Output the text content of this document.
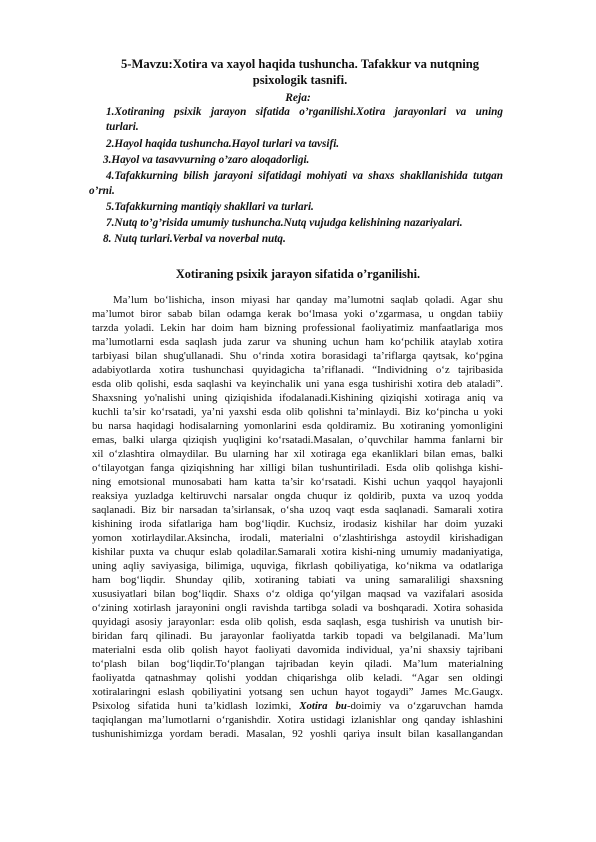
5-Mavzu:Xotira va xayol haqida tushuncha. Tafakkur va nutqning
psixologik tasnifi.
Reja:
1.Xotiraning psixik jarayon sifatida o’rganilishi.Xotira jarayonlari va uning
turlari.
2.Hayol haqida tushuncha.Hayol turlari va tavsifi.
3.Hayol va tasavvurning o’zaro aloqadorligi.
4.Tafakkurning bilish jarayoni sifatidagi mohiyati va shaxs shakllanishida tutgan
o’rni.
5.Tafakkurning mantiqiy shakllari va turlari.
7.Nutq to’g’risida umumiy tushuncha.Nutq vujudga kelishining nazariyalari.
8. Nutq turlari.Verbal va noverbal nutq.
Xotiraning psixik jarayon sifatida o’rganilishi.
Ma’lum bo‘lishicha, inson miyasi har qanday ma’lumotni saqlab qoladi. Agar shu
ma’lumot biror sabab bilan odamga kerak bo‘lmasa yoki o‘zgarmasa, u ongdan tabiiy
tarzda yoladi. Lekin har doim ham bizning professional faoliyatimiz manfaatlariga mos
ma’lumotlarni esda saqlash juda zarur va shuning uchun ham ko‘pchilik ataylab xotira
tarbiyasi bilan shug'ullanadi. Shu o‘rinda xotira borasidagi ta’riflarga qaytsak, ko‘pgina
adabiyotlarda xotira tushunchasi quyidagicha ta’riflanadi. “Individning o‘z tajribasida
esda olib qolishi, esda saqlashi va keyinchalik uni yana esga tushirishi xotira deb ataladi”.
Shaxsning yo'nalishi uning qiziqishida ifodalanadi.Kishining qiziqishi xotiraga aniq va
kuchli ta’sir ko‘rsatadi, ya’ni yaxshi esda olib qolishni ta’minlaydi. Biz ko‘pincha u yoki
bu narsa haqidagi hodisalarning yomonlarini esda qoldiramiz. Bu xotiraning yomonligini
emas, balki ularga qiziqish yuqligini ko‘rsatadi.Masalan, o’quvchilar hamma fanlarni bir
xil o‘zlashtira olmaydilar. Bu ularning har xil xotiraga ega ekanliklari bilan emas, balki
o‘tilayotgan fanga qiziqishning har xilligi bilan tushuntiriladi. Esda olib qolishga kishi-
ning emotsional munosabati ham katta ta’sir ko‘rsatadi. Kishi uchun yaqqol hayajonli
reaksiya yuzladga keltiruvchi narsalar ongda chuqur iz qoldirib, puxta va uzoq yodda
saqlanadi. Biz bir narsadan ta’sirlansak, o‘sha uzoq vaqt esda saqlanadi. Samarali xotira
kishining iroda sifatlariga ham bog‘liqdir. Kuchsiz, irodasiz kishilar har doim yuzaki
yomon xotirlaydilar.Aksincha, irodali, materialni o‘zlashtirishga astoydil kirishadigan
kishilar puxta va chuqur eslab qoladilar.Samarali xotira kishi-ning umumiy madaniyatiga,
uning aqliy saviyasiga, bilimiga, uquviga, fikrlash qobiliyatiga, ko‘nikma va odatlariga
ham bog‘liqdir. Shunday qilib, xotiraning tabiati va uning samaraliligi shaxsning
xususiyatlari bilan bog‘liqdir. Shaxs o‘z oldiga qo‘yilgan maqsad va vazifalari asosida
o‘zining xotirlash jarayonini ongli ravishda tartibga soladi va boshqaradi. Xotira sohasida
quyidagi asosiy jarayonlar: esda olib qolish, esda saqlash, esga tushirish va unutish bir-
biridan farq qilinadi. Bu jarayonlar faoliyatda tarkib topadi va belgilanadi. Ma’lum
materialni esda olib qolish hayot faoliyati davomida individual, ya’ni shaxsiy tajribani
to‘plash bilan bog‘liqdir.To‘plangan tajribadan keyin qiladi. Ma’lum materialning
faoliyatda qatnashmay qolishi yoddan chiqarishga olib keladi. “Agar sen oldingi
xotiralaringni eslash qobiliyatini yotsang sen uchun hayot togaydi” James Mc.Gaugx.
Psixolog sifatida huni ta’kidlash lozimki, Xotira bu-doimiy va o‘zgaruvchan hamda
taqiqlangan ma’lumotlarni o‘rganishdir. Xotira ustidagi izlanishlar ong qanday ishlashini
tushunishimizga yordam beradi. Masalan, 92 yoshli qariya insult bilan kasallangandan
